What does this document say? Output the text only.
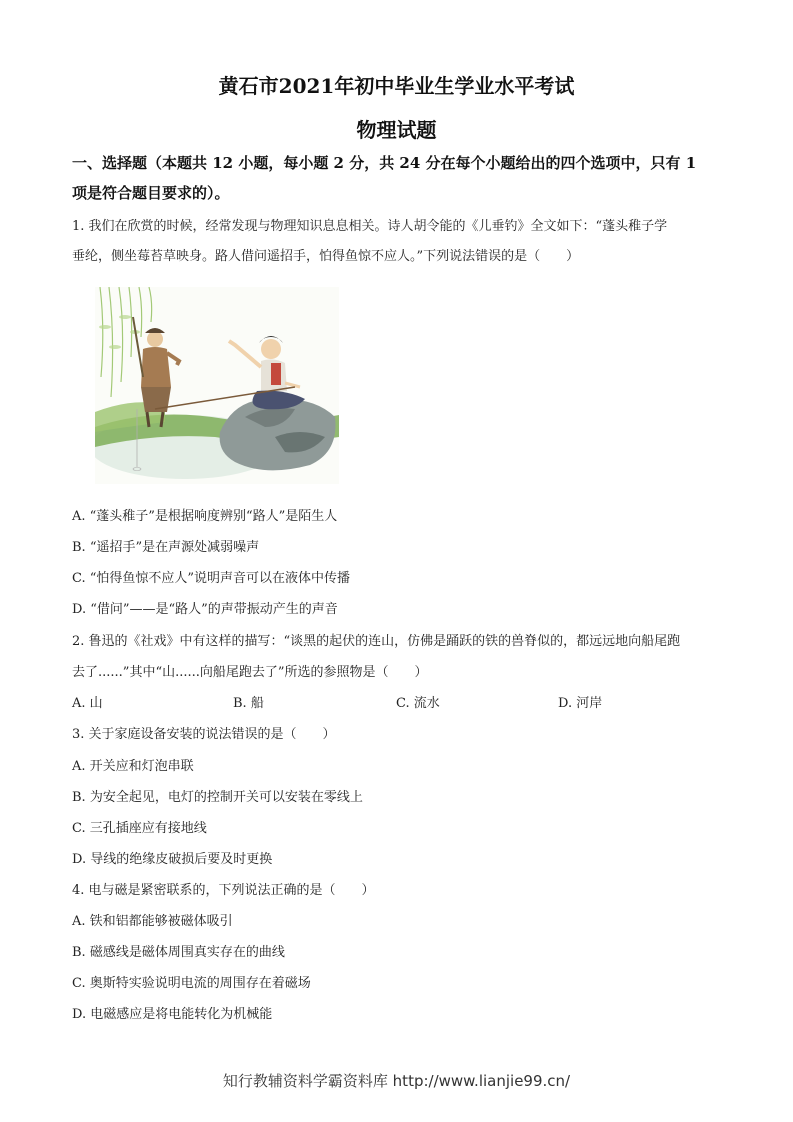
黄石市2021年初中毕业生学业水平考试
物理试题
一、选择题（本题共 12 小题，每小题 2 分，共 24 分在每个小题给出的四个选项中，只有 1
项是符合题目要求的）。
1. 我们在欣赏的时候，经常发现与物理知识息息相关。诗人胡令能的《儿垂钓》全文如下：“蓬头稚子学
垂纶，侧坐莓苔草映身。路人借问遥招手，怕得鱼惊不应人。”下列说法错误的是（　　）
A. “蓬头稚子”是根据响度辨别“路人”是陌生人
B. “遥招手”是在声源处减弱噪声
C. “怕得鱼惊不应人”说明声音可以在液体中传播
D. “借问”——是“路人”的声带振动产生的声音
2. 鲁迅的《社戏》中有这样的描写：“谈黑的起伏的连山，仿佛是踊跃的铁的兽脊似的，都远远地向船尾跑
去了......”其中“山......向船尾跑去了”所选的参照物是（　　）
A. 山	B. 船	C. 流水	D. 河岸
3. 关于家庭设备安装的说法错误的是（　　）
A. 开关应和灯泡串联
B. 为安全起见，电灯的控制开关可以安装在零线上
C. 三孔插座应有接地线
D. 导线的绝缘皮破损后要及时更换
4. 电与磁是紧密联系的，下列说法正确的是（　　）
A. 铁和铝都能够被磁体吸引
B. 磁感线是磁体周围真实存在的曲线
C. 奥斯特实验说明电流的周围存在着磁场
D. 电磁感应是将电能转化为机械能
知行教辅资料学霸资料库 http://www.lianjie99.cn/
